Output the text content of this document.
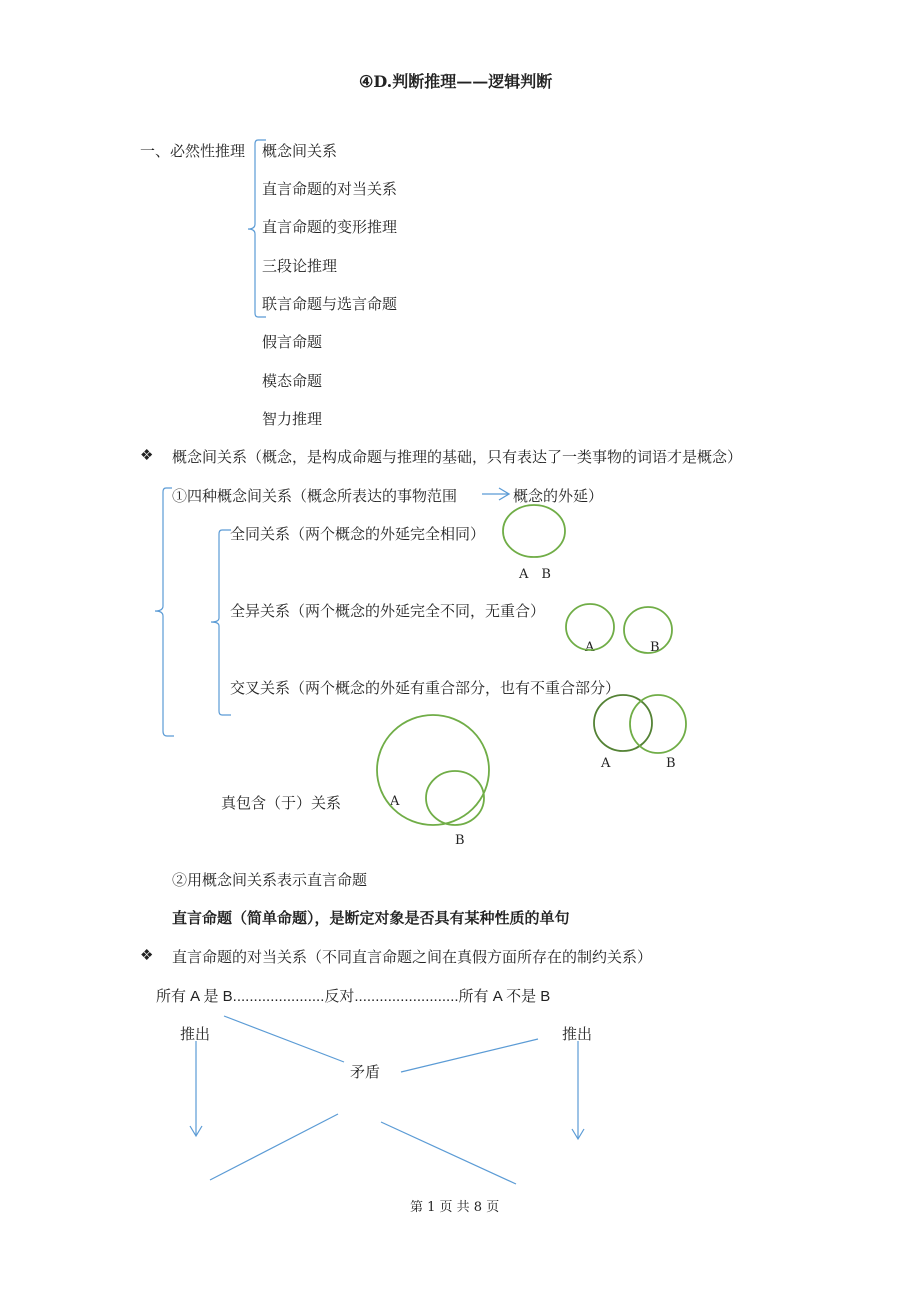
④D.判断推理——逻辑判断
一、必然性推理 概念间关系
直言命题的对当关系
直言命题的变形推理
三段论推理
联言命题与选言命题
假言命题
模态命题
智力推理
❖ 概念间关系（概念，是构成命题与推理的基础，只有表达了一类事物的词语才是概念）
①四种概念间关系（概念所表达的事物范围	概念的外延）
全同关系（两个概念的外延完全相同）
A　B
全异关系（两个概念的外延完全不同，无重合）
A	B
交叉关系（两个概念的外延有重合部分，也有不重合部分）
A	B
真包含（于）关系	A
B
②用概念间关系表示直言命题
直言命题（简单命题），是断定对象是否具有某种性质的单句
❖ 直言命题的对当关系（不同直言命题之间在真假方面所存在的制约关系）
所有 A 是 B......................反对.........................所有 A 不是 B
推出	推出
矛盾
第 1 页 共 8 页
